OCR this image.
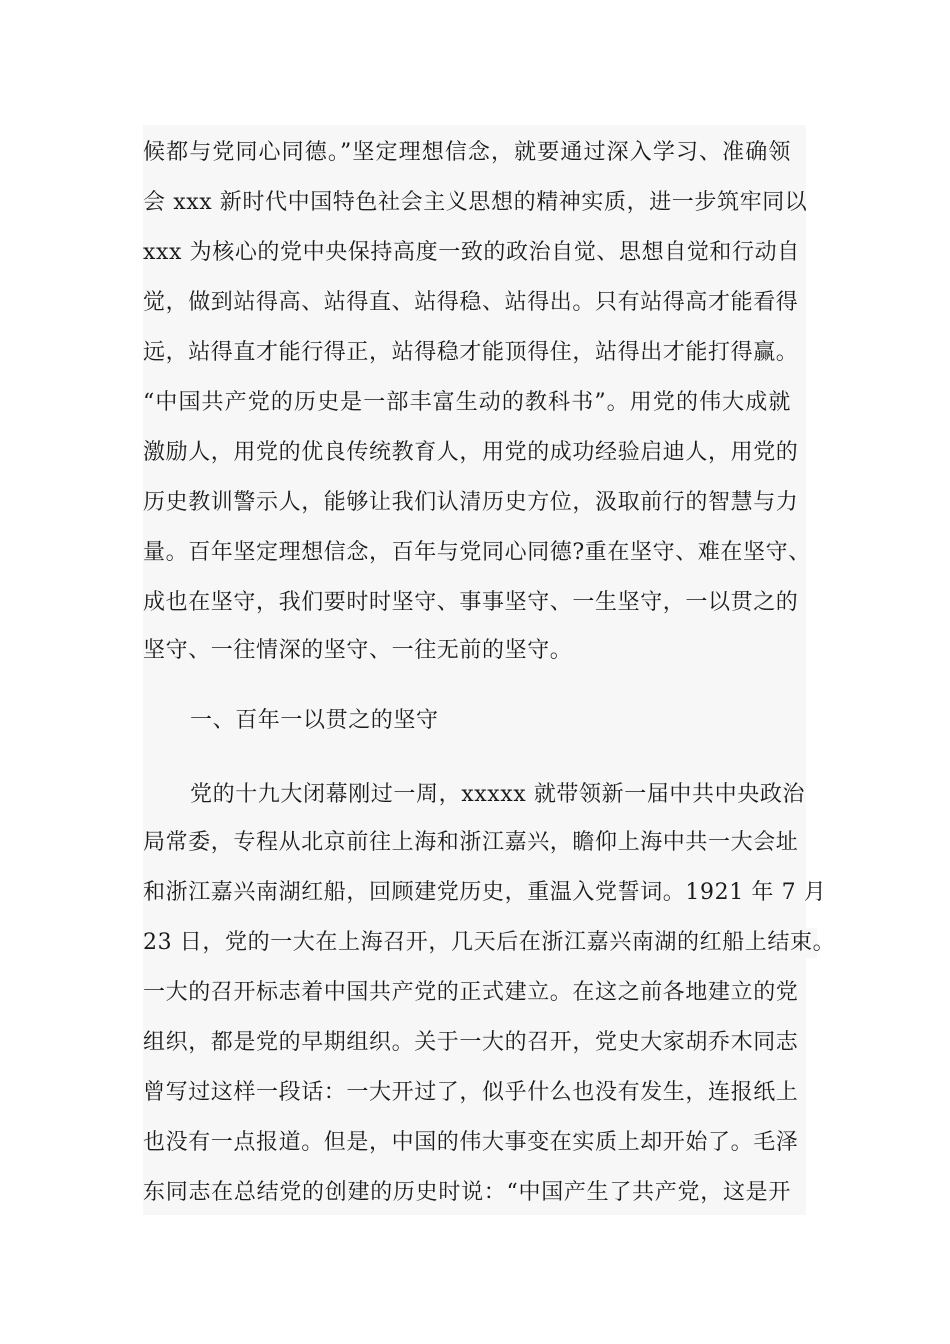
候都与党同心同德。”坚定理想信念，就要通过深入学习、准确领
会 xxx 新时代中国特色社会主义思想的精神实质，进一步筑牢同以
xxx 为核心的党中央保持高度一致的政治自觉、思想自觉和行动自
觉，做到站得高、站得直、站得稳、站得出。只有站得高才能看得
远，站得直才能行得正，站得稳才能顶得住，站得出才能打得赢。
“中国共产党的历史是一部丰富生动的教科书”。用党的伟大成就
激励人，用党的优良传统教育人，用党的成功经验启迪人，用党的
历史教训警示人，能够让我们认清历史方位，汲取前行的智慧与力
量。百年坚定理想信念，百年与党同心同德?重在坚守、难在坚守、
成也在坚守，我们要时时坚守、事事坚守、一生坚守，一以贯之的
坚守、一往情深的坚守、一往无前的坚守。
一、百年一以贯之的坚守
党的十九大闭幕刚过一周，xxxxx 就带领新一届中共中央政治
局常委，专程从北京前往上海和浙江嘉兴，瞻仰上海中共一大会址
和浙江嘉兴南湖红船，回顾建党历史，重温入党誓词。1921 年 7 月
23 日，党的一大在上海召开，几天后在浙江嘉兴南湖的红船上结束。
一大的召开标志着中国共产党的正式建立。在这之前各地建立的党
组织，都是党的早期组织。关于一大的召开，党史大家胡乔木同志
曾写过这样一段话：一大开过了，似乎什么也没有发生，连报纸上
也没有一点报道。但是，中国的伟大事变在实质上却开始了。毛泽
东同志在总结党的创建的历史时说：“中国产生了共产党，这是开
